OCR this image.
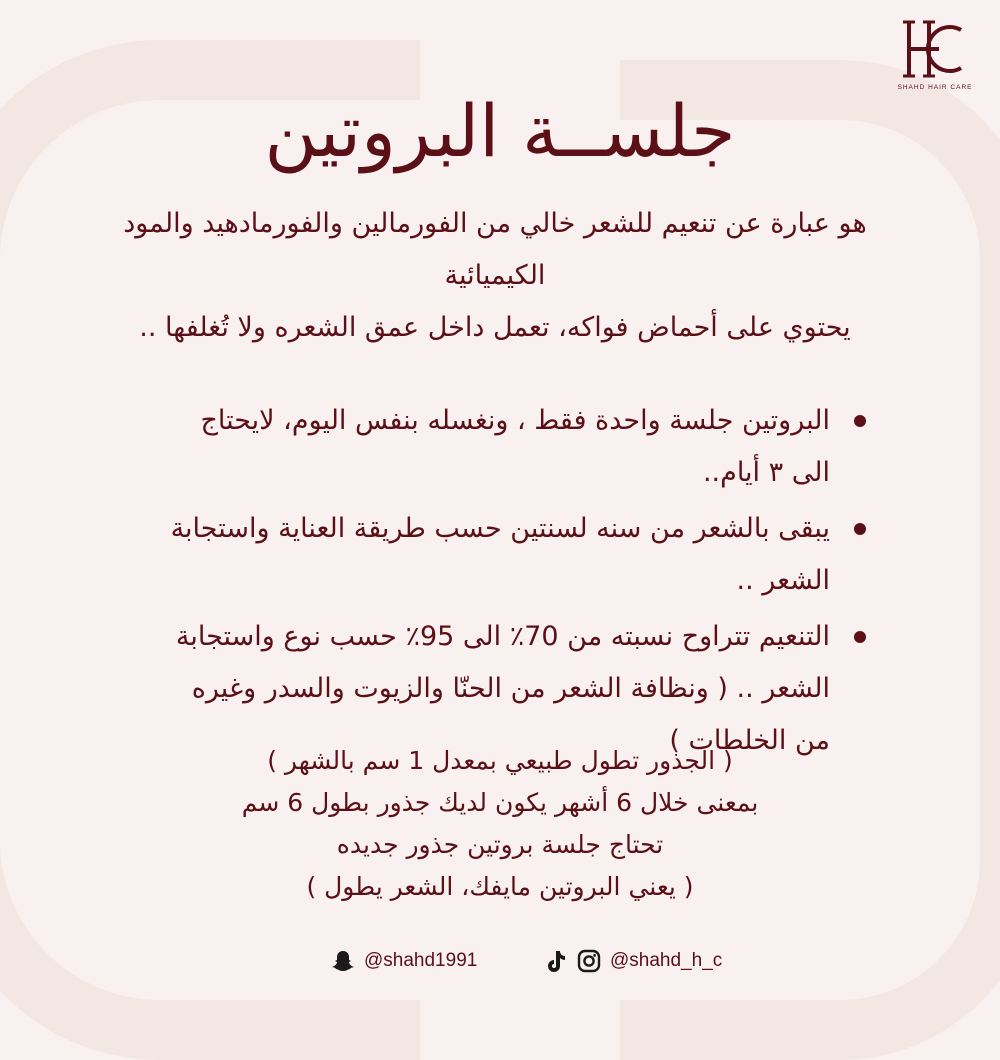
SHAHD HAIR CARE
جلســة البروتين

هو عبارة عن تنعيم للشعر خالي من الفورمالين والفورمادهيد والمود الكيميائية

يحتوي على أحماض فواكه، تعمل داخل عمق الشعره ولا تُغلفها ..

البروتين جلسة واحدة فقط ، ونغسله بنفس اليوم، لايحتاج الى ٣ أيام..
يبقى بالشعر من سنه لسنتين حسب طريقة العناية واستجابة الشعر ..
التنعيم تتراوح نسبته من 70٪ الى 95٪ حسب نوع واستجابة الشعر .. ( ونظافة الشعر من الحنّا والزيوت والسدر وغيره من الخلطات )

( الجذور تطول طبيعي بمعدل 1 سم بالشهر )

بمعنى خلال 6 أشهر يكون لديك جذور بطول 6 سم

تحتاج جلسة بروتين جذور جديده

( يعني البروتين مايفك، الشعر يطول )

@shahd1991	@shahd_h_c
